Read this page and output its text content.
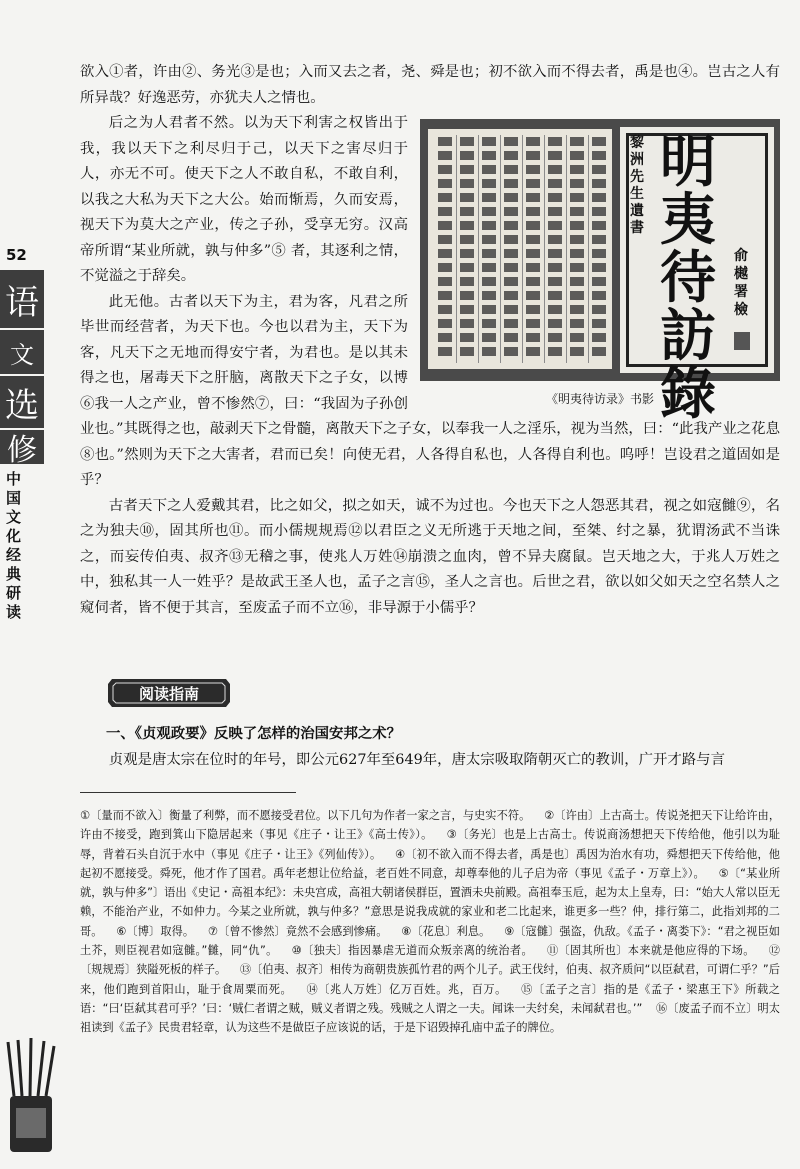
52
语
文
选
修
中国文化经典研读

欲入①者，许由②、务光③是也；入而又去之者，尧、舜是也；初不欲入而不得去者，禹是也④。岂古之人有所异哉？好逸恶劳，亦犹夫人之情也。

黎洲先生遺書
明夷待訪錄
俞樾署檢
《明夷待访录》书影

后之为人君者不然。以为天下利害之权皆出于我，我以天下之利尽归于己，以天下之害尽归于人，亦无不可。使天下之人不敢自私，不敢自利，以我之大私为天下之大公。始而惭焉，久而安焉，视天下为莫大之产业，传之子孙，受享无穷。汉高帝所谓“某业所就，孰与仲多”⑤ 者，其逐利之情，不觉溢之于辞矣。

此无他。古者以天下为主，君为客，凡君之所毕世而经营者，为天下也。今也以君为主，天下为客，凡天下之无地而得安宁者，为君也。是以其未得之也，屠毒天下之肝脑，离散天下之子女，以博⑥我一人之产业，曾不惨然⑦，曰：“我固为子孙创业也。”其既得之也，敲剥天下之骨髓，离散天下之子女，以奉我一人之淫乐，视为当然，曰：“此我产业之花息⑧也。”然则为天下之大害者，君而已矣！向使无君，人各得自私也，人各得自利也。呜呼！岂设君之道固如是乎？

古者天下之人爱戴其君，比之如父，拟之如天，诚不为过也。今也天下之人怨恶其君，视之如寇雠⑨，名之为独夫⑩，固其所也⑪。而小儒规规焉⑫以君臣之义无所逃于天地之间，至桀、纣之暴，犹谓汤武不当诛之，而妄传伯夷、叔齐⑬无稽之事，使兆人万姓⑭崩溃之血肉，曾不异夫腐鼠。岂天地之大，于兆人万姓之中，独私其一人一姓乎？是故武王圣人也，孟子之言⑮，圣人之言也。后世之君，欲以如父如天之空名禁人之窥伺者，皆不便于其言，至废孟子而不立⑯，非导源于小儒乎？

阅读指南
一、《贞观政要》反映了怎样的治国安邦之术？
贞观是唐太宗在位时的年号，即公元627年至649年，唐太宗吸取隋朝灭亡的教训，广开才路与言
①〔量而不欲入〕衡量了利弊，而不愿接受君位。以下几句为作者一家之言，与史实不符。 ②〔许由〕上古高士。传说尧把天下让给许由，许由不接受，跑到箕山下隐居起来（事见《庄子・让王》《高士传》）。 ③〔务光〕也是上古高士。传说商汤想把天下传给他，他引以为耻辱，背着石头自沉于水中（事见《庄子・让王》《列仙传》）。 ④〔初不欲入而不得去者，禹是也〕禹因为治水有功，舜想把天下传给他，他起初不愿接受。舜死，他才作了国君。禹年老想让位给益，老百姓不同意，却尊奉他的儿子启为帝（事见《孟子・万章上》）。 ⑤〔“某业所就，孰与仲多”〕语出《史记・高祖本纪》：未央宫成，高祖大朝诸侯群臣，置酒未央前殿。高祖奉玉卮，起为太上皇寿，曰：“始大人常以臣无赖，不能治产业，不如仲力。今某之业所就，孰与仲多？”意思是说我成就的家业和老二比起来，谁更多一些？仲，排行第二，此指刘邦的二哥。 ⑥〔博〕取得。 ⑦〔曾不惨然〕竟然不会感到惨痛。 ⑧〔花息〕利息。 ⑨〔寇雠〕强盗，仇敌。《孟子・离娄下》：“君之视臣如土芥，则臣视君如寇雠。”雠，同“仇”。 ⑩〔独夫〕指因暴虐无道而众叛亲离的统治者。 ⑪〔固其所也〕本来就是他应得的下场。 ⑫〔规规焉〕狭隘死板的样子。 ⑬〔伯夷、叔齐〕相传为商朝贵族孤竹君的两个儿子。武王伐纣，伯夷、叔齐质问“以臣弑君，可谓仁乎？”后来，他们跑到首阳山，耻于食周粟而死。 ⑭〔兆人万姓〕亿万百姓。兆，百万。 ⑮〔孟子之言〕指的是《孟子・梁惠王下》所载之语：“曰‘臣弑其君可乎？’曰：‘贼仁者谓之贼，贼义者谓之残。残贼之人谓之一夫。闻诛一夫纣矣，未闻弑君也。’” ⑯〔废孟子而不立〕明太祖读到《孟子》民贵君轻章，认为这些不是做臣子应该说的话，于是下诏毁掉孔庙中孟子的牌位。
